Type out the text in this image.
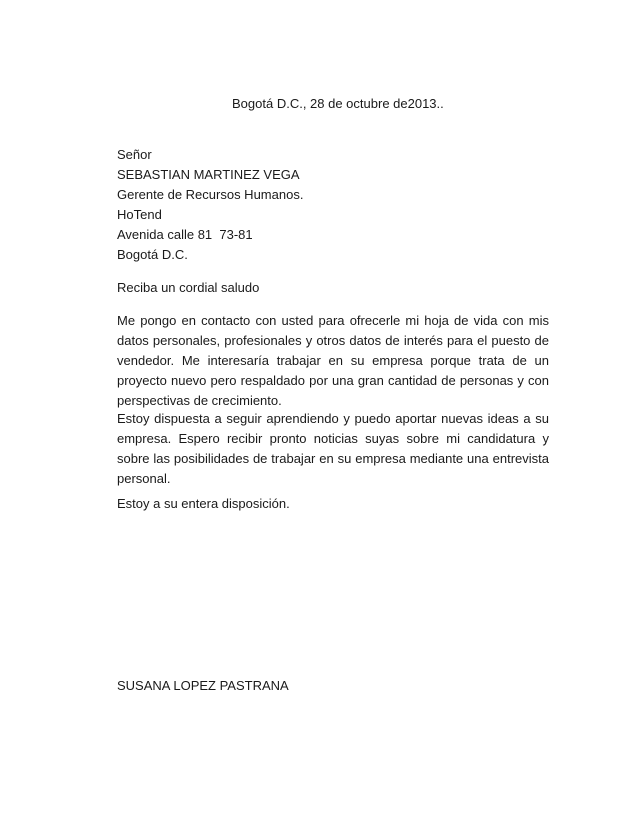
Bogotá D.C., 28 de octubre de2013..
Señor
SEBASTIAN MARTINEZ VEGA
Gerente de Recursos Humanos.
HoTend
Avenida calle 81  73-81
Bogotá D.C.
Reciba un cordial saludo

Me pongo en contacto con usted para ofrecerle mi hoja de vida con mis datos personales, profesionales y otros datos de interés para el puesto de vendedor. Me interesaría trabajar en su empresa porque trata de un proyecto nuevo pero respaldado por una gran cantidad de personas y con perspectivas de crecimiento.

Estoy dispuesta a seguir aprendiendo y puedo aportar nuevas ideas a su empresa. Espero recibir pronto noticias suyas sobre mi candidatura y sobre las posibilidades de trabajar en su empresa mediante una entrevista personal.

Estoy a su entera disposición.
SUSANA LOPEZ PASTRANA
